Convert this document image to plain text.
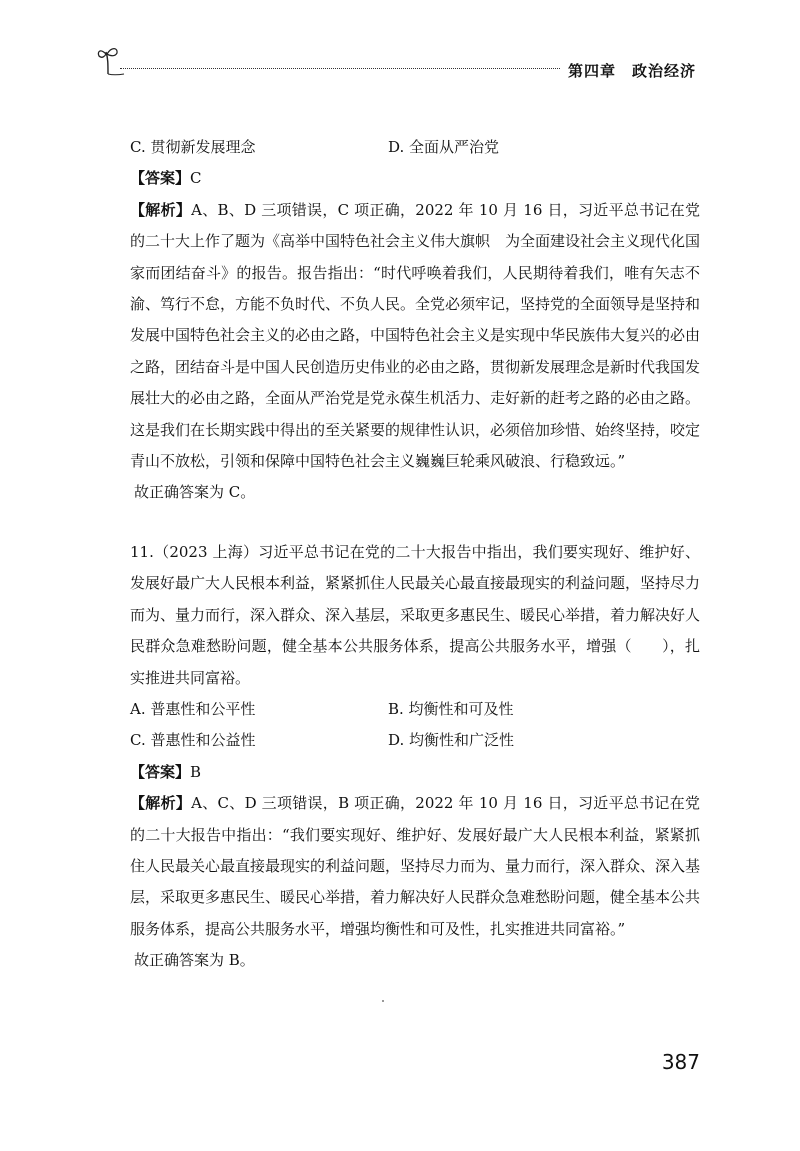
第四章　政治经济
C. 贯彻新发展理念	D. 全面从严治党

【答案】C

【解析】A、B、D 三项错误，C 项正确，2022 年 10 月 16 日，习近平总书记在党的二十大上作了题为《高举中国特色社会主义伟大旗帜　为全面建设社会主义现代化国家而团结奋斗》的报告。报告指出：“时代呼唤着我们，人民期待着我们，唯有矢志不渝、笃行不怠，方能不负时代、不负人民。全党必须牢记，坚持党的全面领导是坚持和发展中国特色社会主义的必由之路，中国特色社会主义是实现中华民族伟大复兴的必由之路，团结奋斗是中国人民创造历史伟业的必由之路，贯彻新发展理念是新时代我国发展壮大的必由之路，全面从严治党是党永葆生机活力、走好新的赶考之路的必由之路。这是我们在长期实践中得出的至关紧要的规律性认识，必须倍加珍惜、始终坚持，咬定青山不放松，引领和保障中国特色社会主义巍巍巨轮乘风破浪、行稳致远。”

故正确答案为 C。

11.（2023 上海）习近平总书记在党的二十大报告中指出，我们要实现好、维护好、发展好最广大人民根本利益，紧紧抓住人民最关心最直接最现实的利益问题，坚持尽力而为、量力而行，深入群众、深入基层，采取更多惠民生、暖民心举措，着力解决好人民群众急难愁盼问题，健全基本公共服务体系，提高公共服务水平，增强（　　），扎实推进共同富裕。

A. 普惠性和公平性	B. 均衡性和可及性
C. 普惠性和公益性	D. 均衡性和广泛性

【答案】B

【解析】A、C、D 三项错误，B 项正确，2022 年 10 月 16 日，习近平总书记在党的二十大报告中指出：“我们要实现好、维护好、发展好最广大人民根本利益，紧紧抓住人民最关心最直接最现实的利益问题，坚持尽力而为、量力而行，深入群众、深入基层，采取更多惠民生、暖民心举措，着力解决好人民群众急难愁盼问题，健全基本公共服务体系，提高公共服务水平，增强均衡性和可及性，扎实推进共同富裕。”

故正确答案为 B。

387
